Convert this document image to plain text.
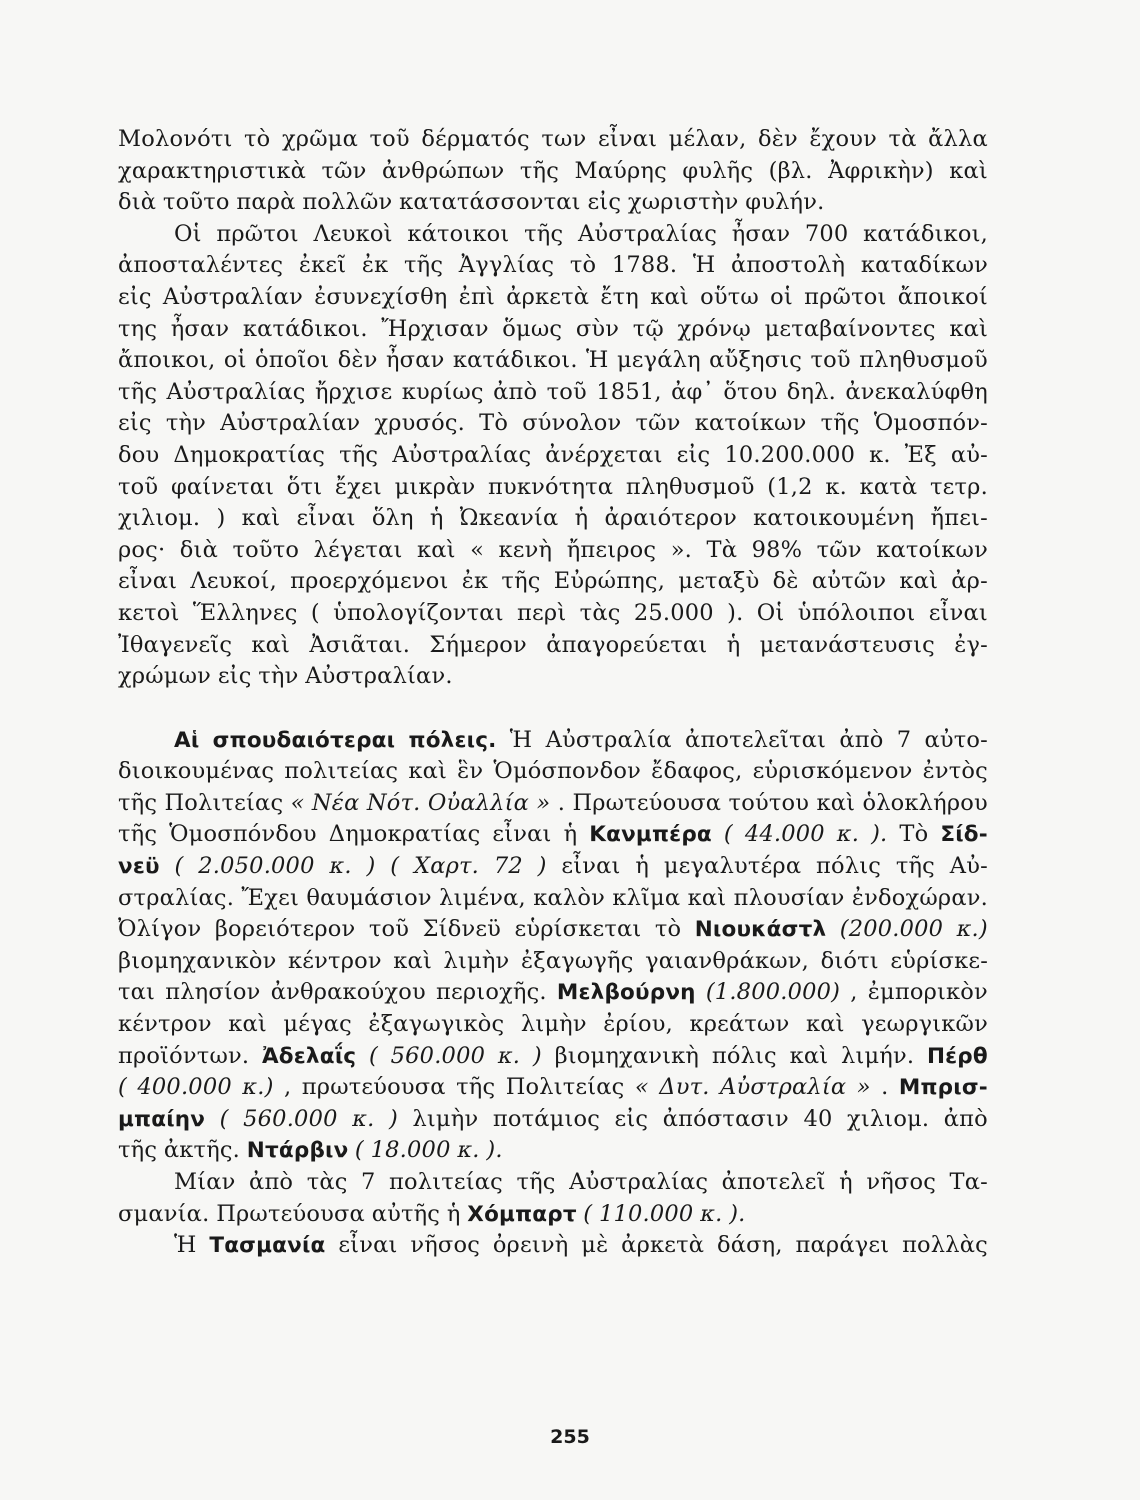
Μολονότι τὸ χρῶμα τοῦ δέρματός των εἶναι μέλαν, δὲν ἔχουν τὰ ἄλλα
χαρακτηριστικὰ τῶν ἀνθρώπων τῆς Μαύρης φυλῆς (βλ. Ἀφρικὴν) καὶ
διὰ τοῦτο παρὰ πολλῶν κατατάσσονται εἰς χωριστὴν φυλήν.
Οἱ πρῶτοι Λευκοὶ κάτοικοι τῆς Αὐστραλίας ἦσαν 700 κατάδικοι,
ἀποσταλέντες ἐκεῖ ἐκ τῆς Ἀγγλίας τὸ 1788. Ἡ ἀποστολὴ καταδίκων
εἰς Αὐστραλίαν ἐσυνεχίσθη ἐπὶ ἀρκετὰ ἔτη καὶ οὕτω οἱ πρῶτοι ἄποικοί
της ἦσαν κατάδικοι. Ἤρχισαν ὅμως σὺν τῷ χρόνῳ μεταβαίνοντες καὶ
ἄποικοι, οἱ ὁποῖοι δὲν ἦσαν κατάδικοι. Ἡ μεγάλη αὔξησις τοῦ πληθυσμοῦ
τῆς Αὐστραλίας ἤρχισε κυρίως ἀπὸ τοῦ 1851, ἀφ᾿ ὅτου δηλ. ἀνεκαλύφθη
εἰς τὴν Αὐστραλίαν χρυσός. Τὸ σύνολον τῶν κατοίκων τῆς Ὁμοσπόν-
δου Δημοκρατίας τῆς Αὐστραλίας ἀνέρχεται εἰς 10.200.000 κ. Ἐξ αὐ-
τοῦ φαίνεται ὅτι ἔχει μικρὰν πυκνότητα πληθυσμοῦ (1,2 κ. κατὰ τετρ.
χιλιομ. ) καὶ εἶναι ὅλη ἡ Ὠκεανία ἡ ἀραιότερον κατοικουμένη ἤπει-
ρος· διὰ τοῦτο λέγεται καὶ « κενὴ ἤπειρος ». Τὰ 98% τῶν κατοίκων
εἶναι Λευκοί, προερχόμενοι ἐκ τῆς Εὐρώπης, μεταξὺ δὲ αὐτῶν καὶ ἀρ-
κετοὶ Ἕλληνες ( ὑπολογίζονται περὶ τὰς 25.000 ). Οἱ ὑπόλοιποι εἶναι
Ἰθαγενεῖς καὶ Ἀσιᾶται. Σήμερον ἀπαγορεύεται ἡ μετανάστευσις ἐγ-
χρώμων εἰς τὴν Αὐστραλίαν.
Αἱ σπουδαιότεραι πόλεις. Ἡ Αὐστραλία ἀποτελεῖται ἀπὸ 7 αὐτο-
διοικουμένας πολιτείας καὶ ἓν Ὁμόσπονδον ἔδαφος, εὑρισκόμενον ἐντὸς
τῆς Πολιτείας « Νέα Νότ. Οὐαλλία » . Πρωτεύουσα τούτου καὶ ὁλοκλήρου
τῆς Ὁμοσπόνδου Δημοκρατίας εἶναι ἡ Κανμπέρα ( 44.000 κ. ). Τὸ Σίδ-
νεϋ ( 2.050.000 κ. ) ( Χαρτ. 72 ) εἶναι ἡ μεγαλυτέρα πόλις τῆς Αὐ-
στραλίας. Ἔχει θαυμάσιον λιμένα, καλὸν κλῖμα καὶ πλουσίαν ἐνδοχώραν.
Ὀλίγον βορειότερον τοῦ Σίδνεϋ εὑρίσκεται τὸ Νιουκάστλ (200.000 κ.)
βιομηχανικὸν κέντρον καὶ λιμὴν ἐξαγωγῆς γαιανθράκων, διότι εὑρίσκε-
ται πλησίον ἀνθρακούχου περιοχῆς. Μελβούρνη (1.800.000) , ἐμπορικὸν
κέντρον καὶ μέγας ἐξαγωγικὸς λιμὴν ἐρίου, κρεάτων καὶ γεωργικῶν
προϊόντων. Ἀδελαΐς ( 560.000 κ. ) βιομηχανικὴ πόλις καὶ λιμήν. Πέρθ
( 400.000 κ.) , πρωτεύουσα τῆς Πολιτείας « Δυτ. Αὐστραλία » . Μπρισ-
μπαίην ( 560.000 κ. ) λιμὴν ποτάμιος εἰς ἀπόστασιν 40 χιλιομ. ἀπὸ
τῆς ἀκτῆς. Ντάρβιν ( 18.000 κ. ).
Μίαν ἀπὸ τὰς 7 πολιτείας τῆς Αὐστραλίας ἀποτελεῖ ἡ νῆσος Τα-
σμανία. Πρωτεύουσα αὐτῆς ἡ Χόμπαρτ ( 110.000 κ. ).
Ἡ Τασμανία εἶναι νῆσος ὀρεινὴ μὲ ἀρκετὰ δάση, παράγει πολλὰς
255
